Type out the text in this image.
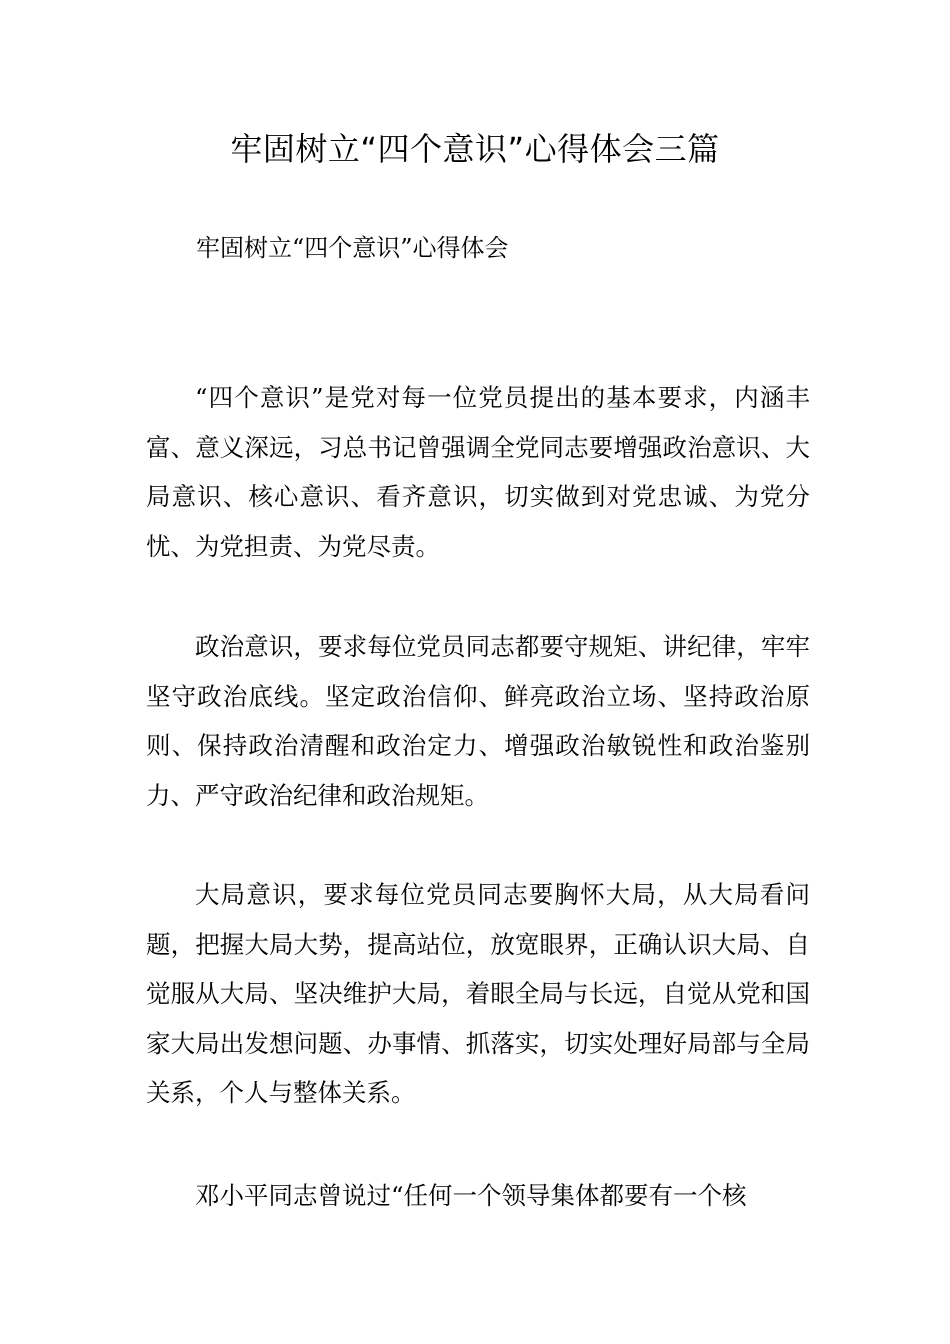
牢固树立“四个意识”心得体会三篇

牢固树立“四个意识”心得体会

“四个意识”是党对每一位党员提出的基本要求，内涵丰富、意义深远，习总书记曾强调全党同志要增强政治意识、大局意识、核心意识、看齐意识，切实做到对党忠诚、为党分忧、为党担责、为党尽责。

政治意识，要求每位党员同志都要守规矩、讲纪律，牢牢坚守政治底线。坚定政治信仰、鲜亮政治立场、坚持政治原则、保持政治清醒和政治定力、增强政治敏锐性和政治鉴别力、严守政治纪律和政治规矩。

大局意识，要求每位党员同志要胸怀大局，从大局看问题，把握大局大势，提高站位，放宽眼界，正确认识大局、自觉服从大局、坚决维护大局，着眼全局与长远，自觉从党和国家大局出发想问题、办事情、抓落实，切实处理好局部与全局关系，个人与整体关系。

邓小平同志曾说过“任何一个领导集体都要有一个核
